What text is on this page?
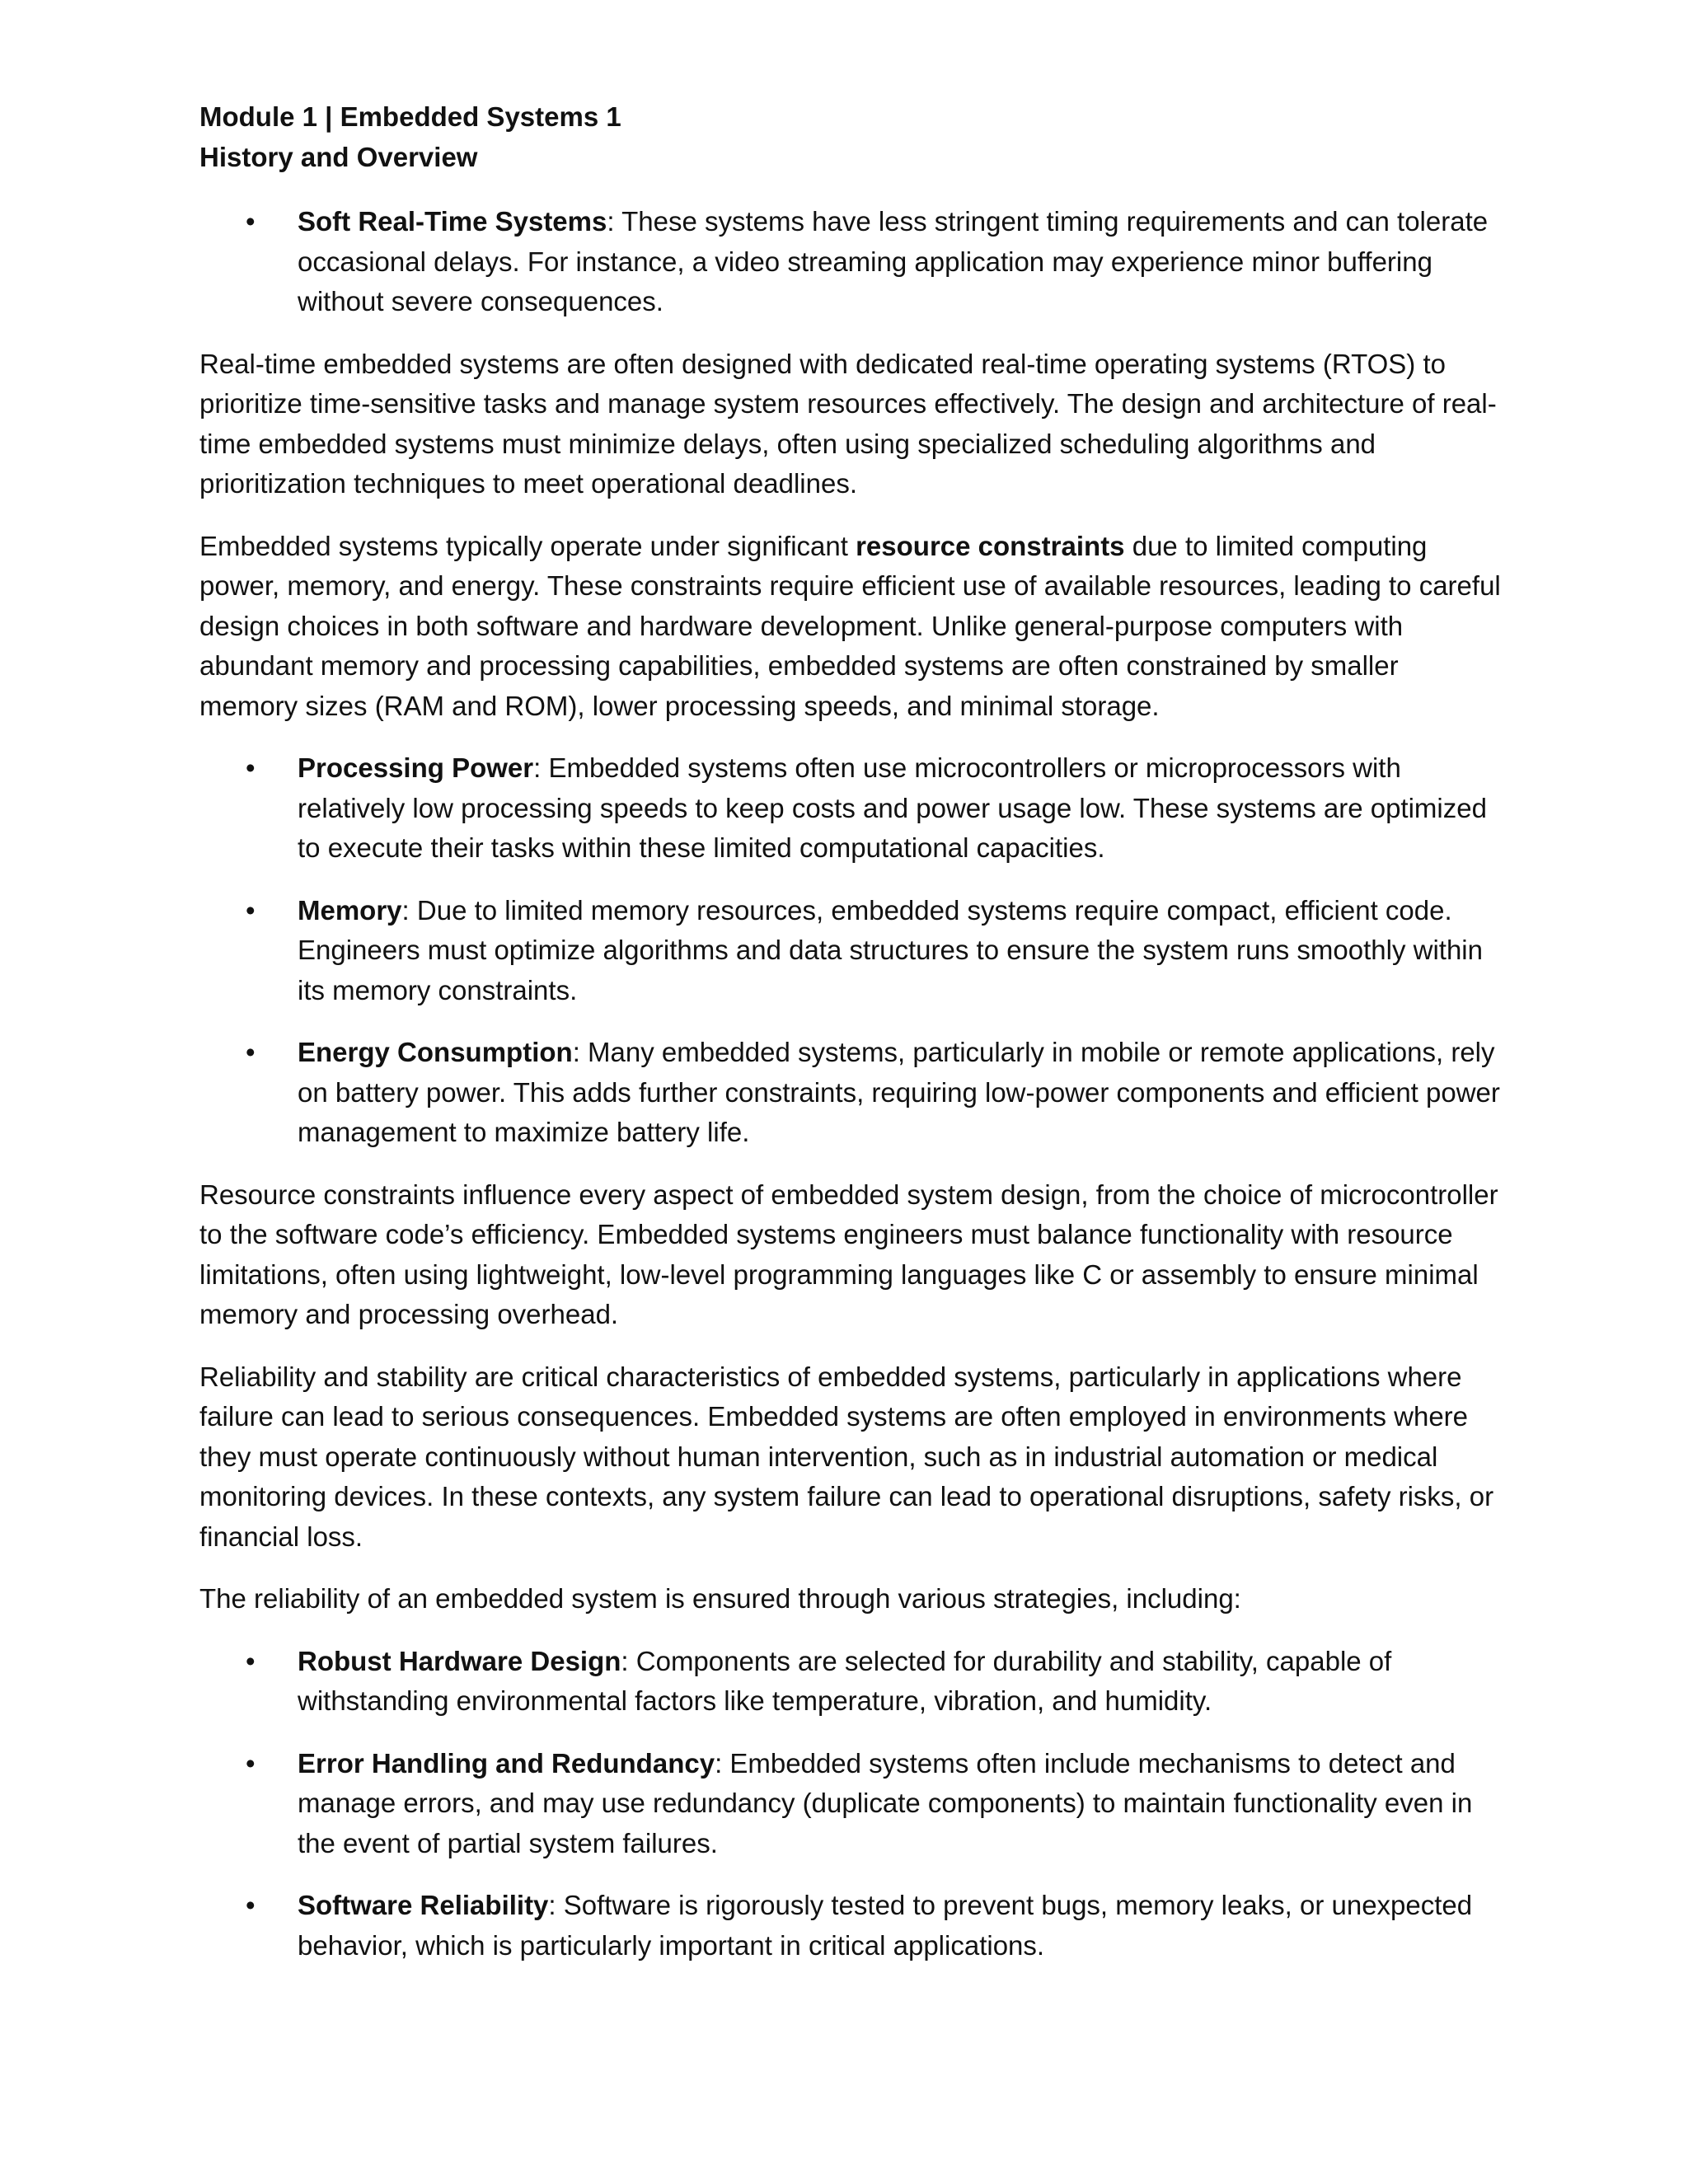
Module 1 | Embedded Systems 1
History and Overview
• Soft Real-Time Systems: These systems have less stringent timing requirements and can tolerate occasional delays. For instance, a video streaming application may experience minor buffering without severe consequences.

Real-time embedded systems are often designed with dedicated real-time operating systems (RTOS) to prioritize time-sensitive tasks and manage system resources effectively. The design and architecture of real-time embedded systems must minimize delays, often using specialized scheduling algorithms and prioritization techniques to meet operational deadlines.

Embedded systems typically operate under significant resource constraints due to limited computing power, memory, and energy. These constraints require efficient use of available resources, leading to careful design choices in both software and hardware development. Unlike general-purpose computers with abundant memory and processing capabilities, embedded systems are often constrained by smaller memory sizes (RAM and ROM), lower processing speeds, and minimal storage.

• Processing Power: Embedded systems often use microcontrollers or microprocessors with relatively low processing speeds to keep costs and power usage low. These systems are optimized to execute their tasks within these limited computational capacities.
• Memory: Due to limited memory resources, embedded systems require compact, efficient code. Engineers must optimize algorithms and data structures to ensure the system runs smoothly within its memory constraints.
• Energy Consumption: Many embedded systems, particularly in mobile or remote applications, rely on battery power. This adds further constraints, requiring low-power components and efficient power management to maximize battery life.

Resource constraints influence every aspect of embedded system design, from the choice of microcontroller to the software code’s efficiency. Embedded systems engineers must balance functionality with resource limitations, often using lightweight, low-level programming languages like C or assembly to ensure minimal memory and processing overhead.

Reliability and stability are critical characteristics of embedded systems, particularly in applications where failure can lead to serious consequences. Embedded systems are often employed in environments where they must operate continuously without human intervention, such as in industrial automation or medical monitoring devices. In these contexts, any system failure can lead to operational disruptions, safety risks, or financial loss.

The reliability of an embedded system is ensured through various strategies, including:

• Robust Hardware Design: Components are selected for durability and stability, capable of withstanding environmental factors like temperature, vibration, and humidity.
• Error Handling and Redundancy: Embedded systems often include mechanisms to detect and manage errors, and may use redundancy (duplicate components) to maintain functionality even in the event of partial system failures.
• Software Reliability: Software is rigorously tested to prevent bugs, memory leaks, or unexpected behavior, which is particularly important in critical applications.
